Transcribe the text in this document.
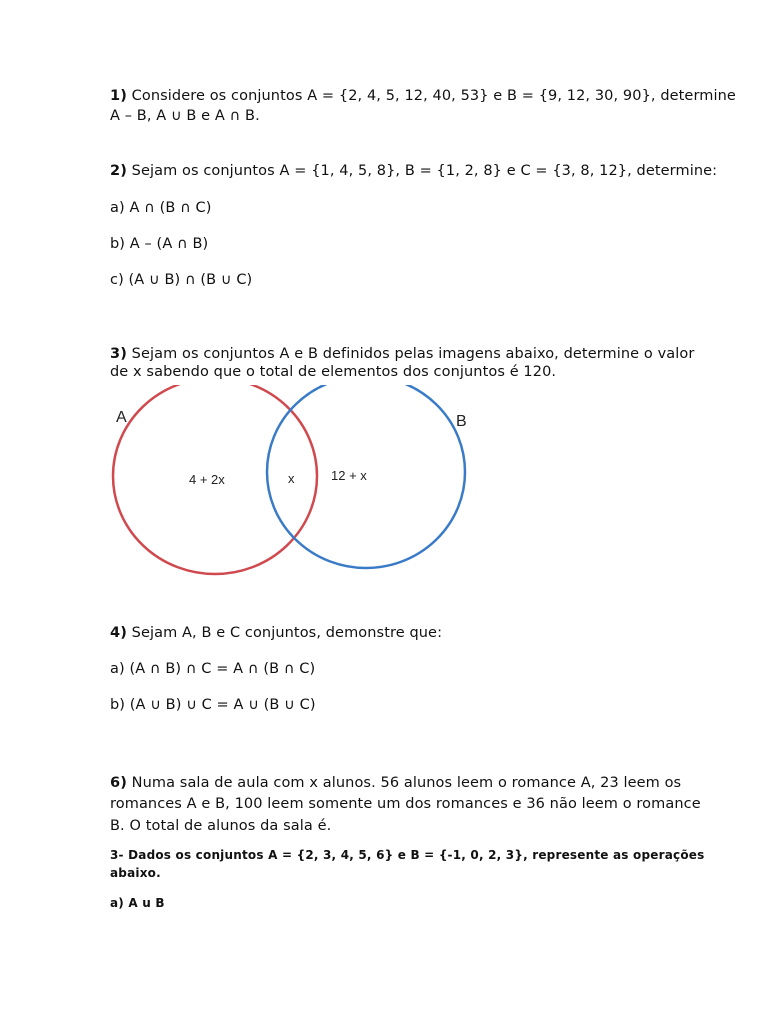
1) Considere os conjuntos A = {2, 4, 5, 12, 40, 53} e B = {9, 12, 30, 90}, determine
A – B, A ∪ B e A ∩ B.
2) Sejam os conjuntos A = {1, 4, 5, 8}, B = {1, 2, 8} e C = {3, 8, 12}, determine:
a) A ∩ (B ∩ C)
b) A – (A ∩ B)
c) (A ∪ B) ∩ (B ∪ C)
3) Sejam os conjuntos A e B definidos pelas imagens abaixo, determine o valor
de x sabendo que o total de elementos dos conjuntos é 120.
A	B
4 + 2x	x	12 + x
4) Sejam A, B e C conjuntos, demonstre que:
a) (A ∩ B) ∩ C = A ∩ (B ∩ C)
b) (A ∪ B) ∪ C = A ∪ (B ∪ C)
6) Numa sala de aula com x alunos. 56 alunos leem o romance A, 23 leem os
romances A e B, 100 leem somente um dos romances e 36 não leem o romance
B. O total de alunos da sala é.
3- Dados os conjuntos A = {2, 3, 4, 5, 6} e B = {-1, 0, 2, 3}, represente as operações
abaixo.
a) A u B
